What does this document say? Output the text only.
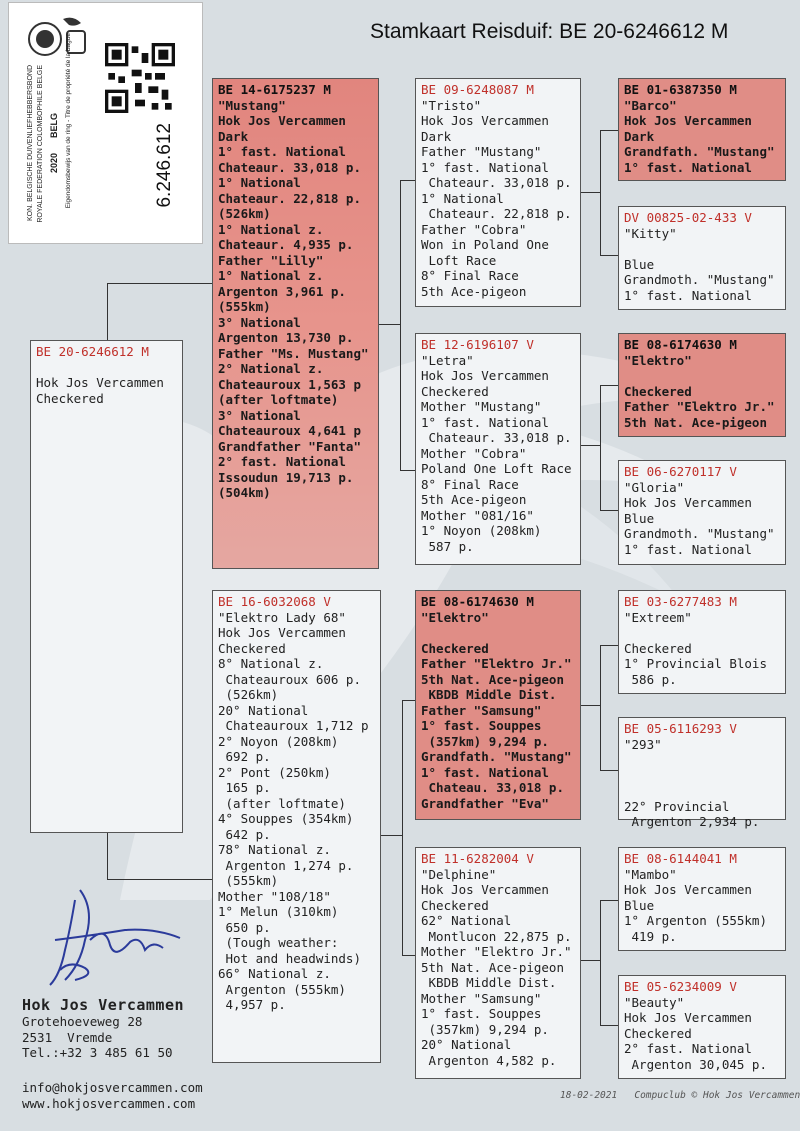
Stamkaart Reisduif: BE 20-6246612 M
KON. BELGISCHE DUIVENLIEFHEBBERSBOND ROYALE FEDERATION COLOMBOPHILE BELGE 2020
BELG Eigendomsbewijs van de ring - Titre de propriété de la bague	6.246.612
BE 20-6246612 M

Hok Jos Vercammen
Checkered
BE 14-6175237 M
"Mustang"
Hok Jos Vercammen
Dark
1° fast. National
Chateaur. 33,018 p.
1° National
Chateaur. 22,818 p.
(526km)
1° National z.
Chateaur. 4,935 p.
Father "Lilly"
1° National z.
Argenton 3,961 p.
(555km)
3° National
Argenton 13,730 p.
Father "Ms. Mustang"
2° National z.
Chateauroux 1,563 p
(after loftmate)
3° National
Chateauroux 4,641 p
Grandfather "Fanta"
2° fast. National
Issoudun 19,713 p.
(504km)
BE 16-6032068 V
"Elektro Lady 68"
Hok Jos Vercammen
Checkered
8° National z.
Chateauroux 606 p.
(526km)
20° National
Chateauroux 1,712 p
2° Noyon (208km)
692 p.
2° Pont (250km)
165 p.
(after loftmate)
4° Souppes (354km)
642 p.
78° National z.
Argenton 1,274 p.
(555km)
Mother "108/18"
1° Melun (310km)
650 p.
(Tough weather:
Hot and headwinds)
66° National z.
Argenton (555km)
4,957 p.
BE 09-6248087 M
"Tristo"
Hok Jos Vercammen
Dark
Father "Mustang"
1° fast. National
Chateaur. 33,018 p.
1° National
Chateaur. 22,818 p.
Father "Cobra"
Won in Poland One
Loft Race
8° Final Race
5th Ace-pigeon
BE 12-6196107 V
"Letra"
Hok Jos Vercammen
Checkered
Mother "Mustang"
1° fast. National
Chateaur. 33,018 p.
Mother "Cobra"
Poland One Loft Race
8° Final Race
5th Ace-pigeon
Mother "081/16"
1° Noyon (208km)
587 p.
BE 08-6174630 M
"Elektro"

Checkered
Father "Elektro Jr."
5th Nat. Ace-pigeon
KBDB Middle Dist.
Father "Samsung"
1° fast. Souppes
(357km) 9,294 p.
Grandfath. "Mustang"
1° fast. National
Chateau. 33,018 p.
Grandfather "Eva"
BE 11-6282004 V
"Delphine"
Hok Jos Vercammen
Checkered
62° National
Montlucon 22,875 p.
Mother "Elektro Jr."
5th Nat. Ace-pigeon
KBDB Middle Dist.
Mother "Samsung"
1° fast. Souppes
(357km) 9,294 p.
20° National
Argenton 4,582 p.
BE 01-6387350 M
"Barco"
Hok Jos Vercammen
Dark
Grandfath. "Mustang"
1° fast. National
DV 00825-02-433 V
"Kitty"

Blue
Grandmoth. "Mustang"
1° fast. National
BE 08-6174630 M
"Elektro"

Checkered
Father "Elektro Jr."
5th Nat. Ace-pigeon
BE 06-6270117 V
"Gloria"
Hok Jos Vercammen
Blue
Grandmoth. "Mustang"
1° fast. National
BE 03-6277483 M
"Extreem"

Checkered
1° Provincial Blois
586 p.
BE 05-6116293 V
"293"

22° Provincial
Argenton 2,934 p.
BE 08-6144041 M
"Mambo"
Hok Jos Vercammen
Blue
1° Argenton (555km)
419 p.
BE 05-6234009 V
"Beauty"
Hok Jos Vercammen
Checkered
2° fast. National
Argenton 30,045 p.
Hok Jos Vercammen
Grotehoeveweg 28
2531  Vremde
Tel.:+32 3 485 61 50
info@hokjosvercammen.com
www.hokjosvercammen.com
18-02-2021   Compuclub © Hok Jos Vercammen
